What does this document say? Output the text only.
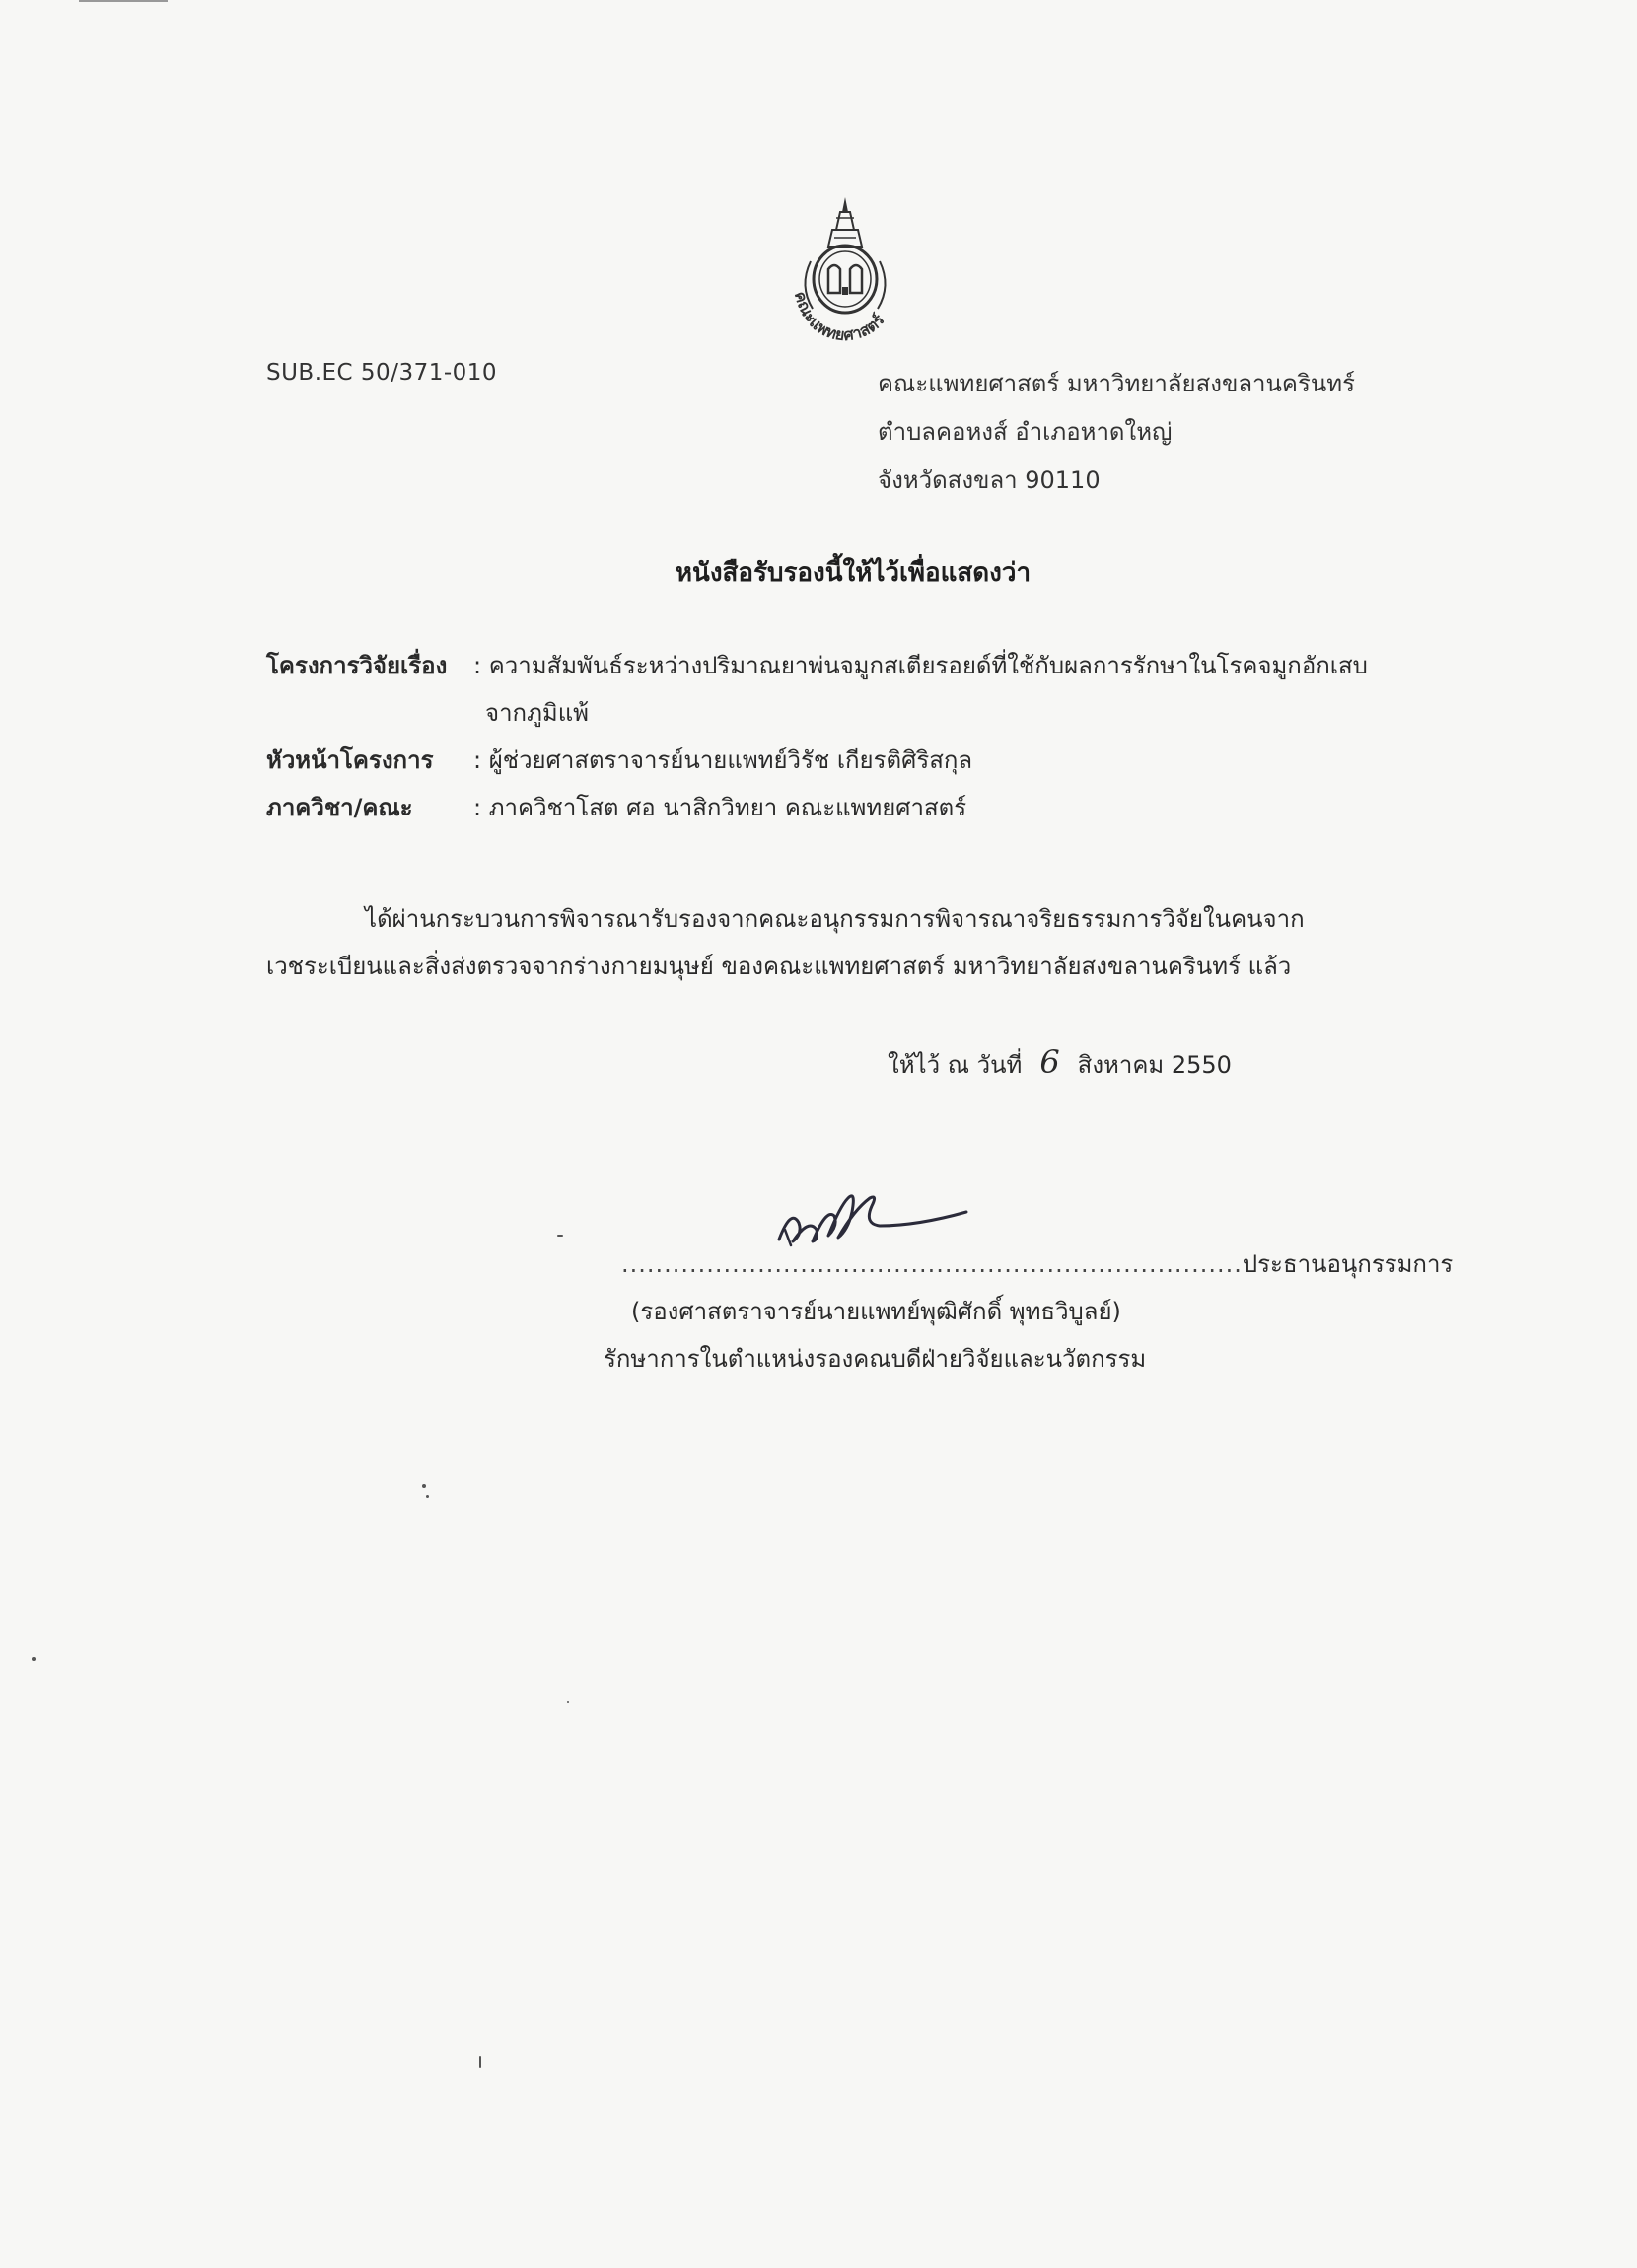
คณะแพทยศาสตร์
SUB.EC 50/371-010	คณะแพทยศาสตร์ มหาวิทยาลัยสงขลานครินทร์
ตำบลคอหงส์ อำเภอหาดใหญ่
จังหวัดสงขลา 90110
หนังสือรับรองนี้ให้ไว้เพื่อแสดงว่า
โครงการวิจัยเรื่อง : ความสัมพันธ์ระหว่างปริมาณยาพ่นจมูกสเตียรอยด์ที่ใช้กับผลการรักษาในโรคจมูกอักเสบ
จากภูมิแพ้
หัวหน้าโครงการ : ผู้ช่วยศาสตราจารย์นายแพทย์วิรัช เกียรติศิริสกุล
ภาควิชา/คณะ	: ภาควิชาโสต ศอ นาสิกวิทยา คณะแพทยศาสตร์
ได้ผ่านกระบวนการพิจารณารับรองจากคณะอนุกรรมการพิจารณาจริยธรรมการวิจัยในคนจาก
เวชระเบียนและสิ่งส่งตรวจจากร่างกายมนุษย์ ของคณะแพทยศาสตร์ มหาวิทยาลัยสงขลานครินทร์ แล้ว
ให้ไว้ ณ วันที่ 6 สิงหาคม 2550
.........................................................................ประธานอนุกรรมการ
(รองศาสตราจารย์นายแพทย์พุฒิศักดิ์ พุทธวิบูลย์)
รักษาการในตำแหน่งรองคณบดีฝ่ายวิจัยและนวัตกรรม
